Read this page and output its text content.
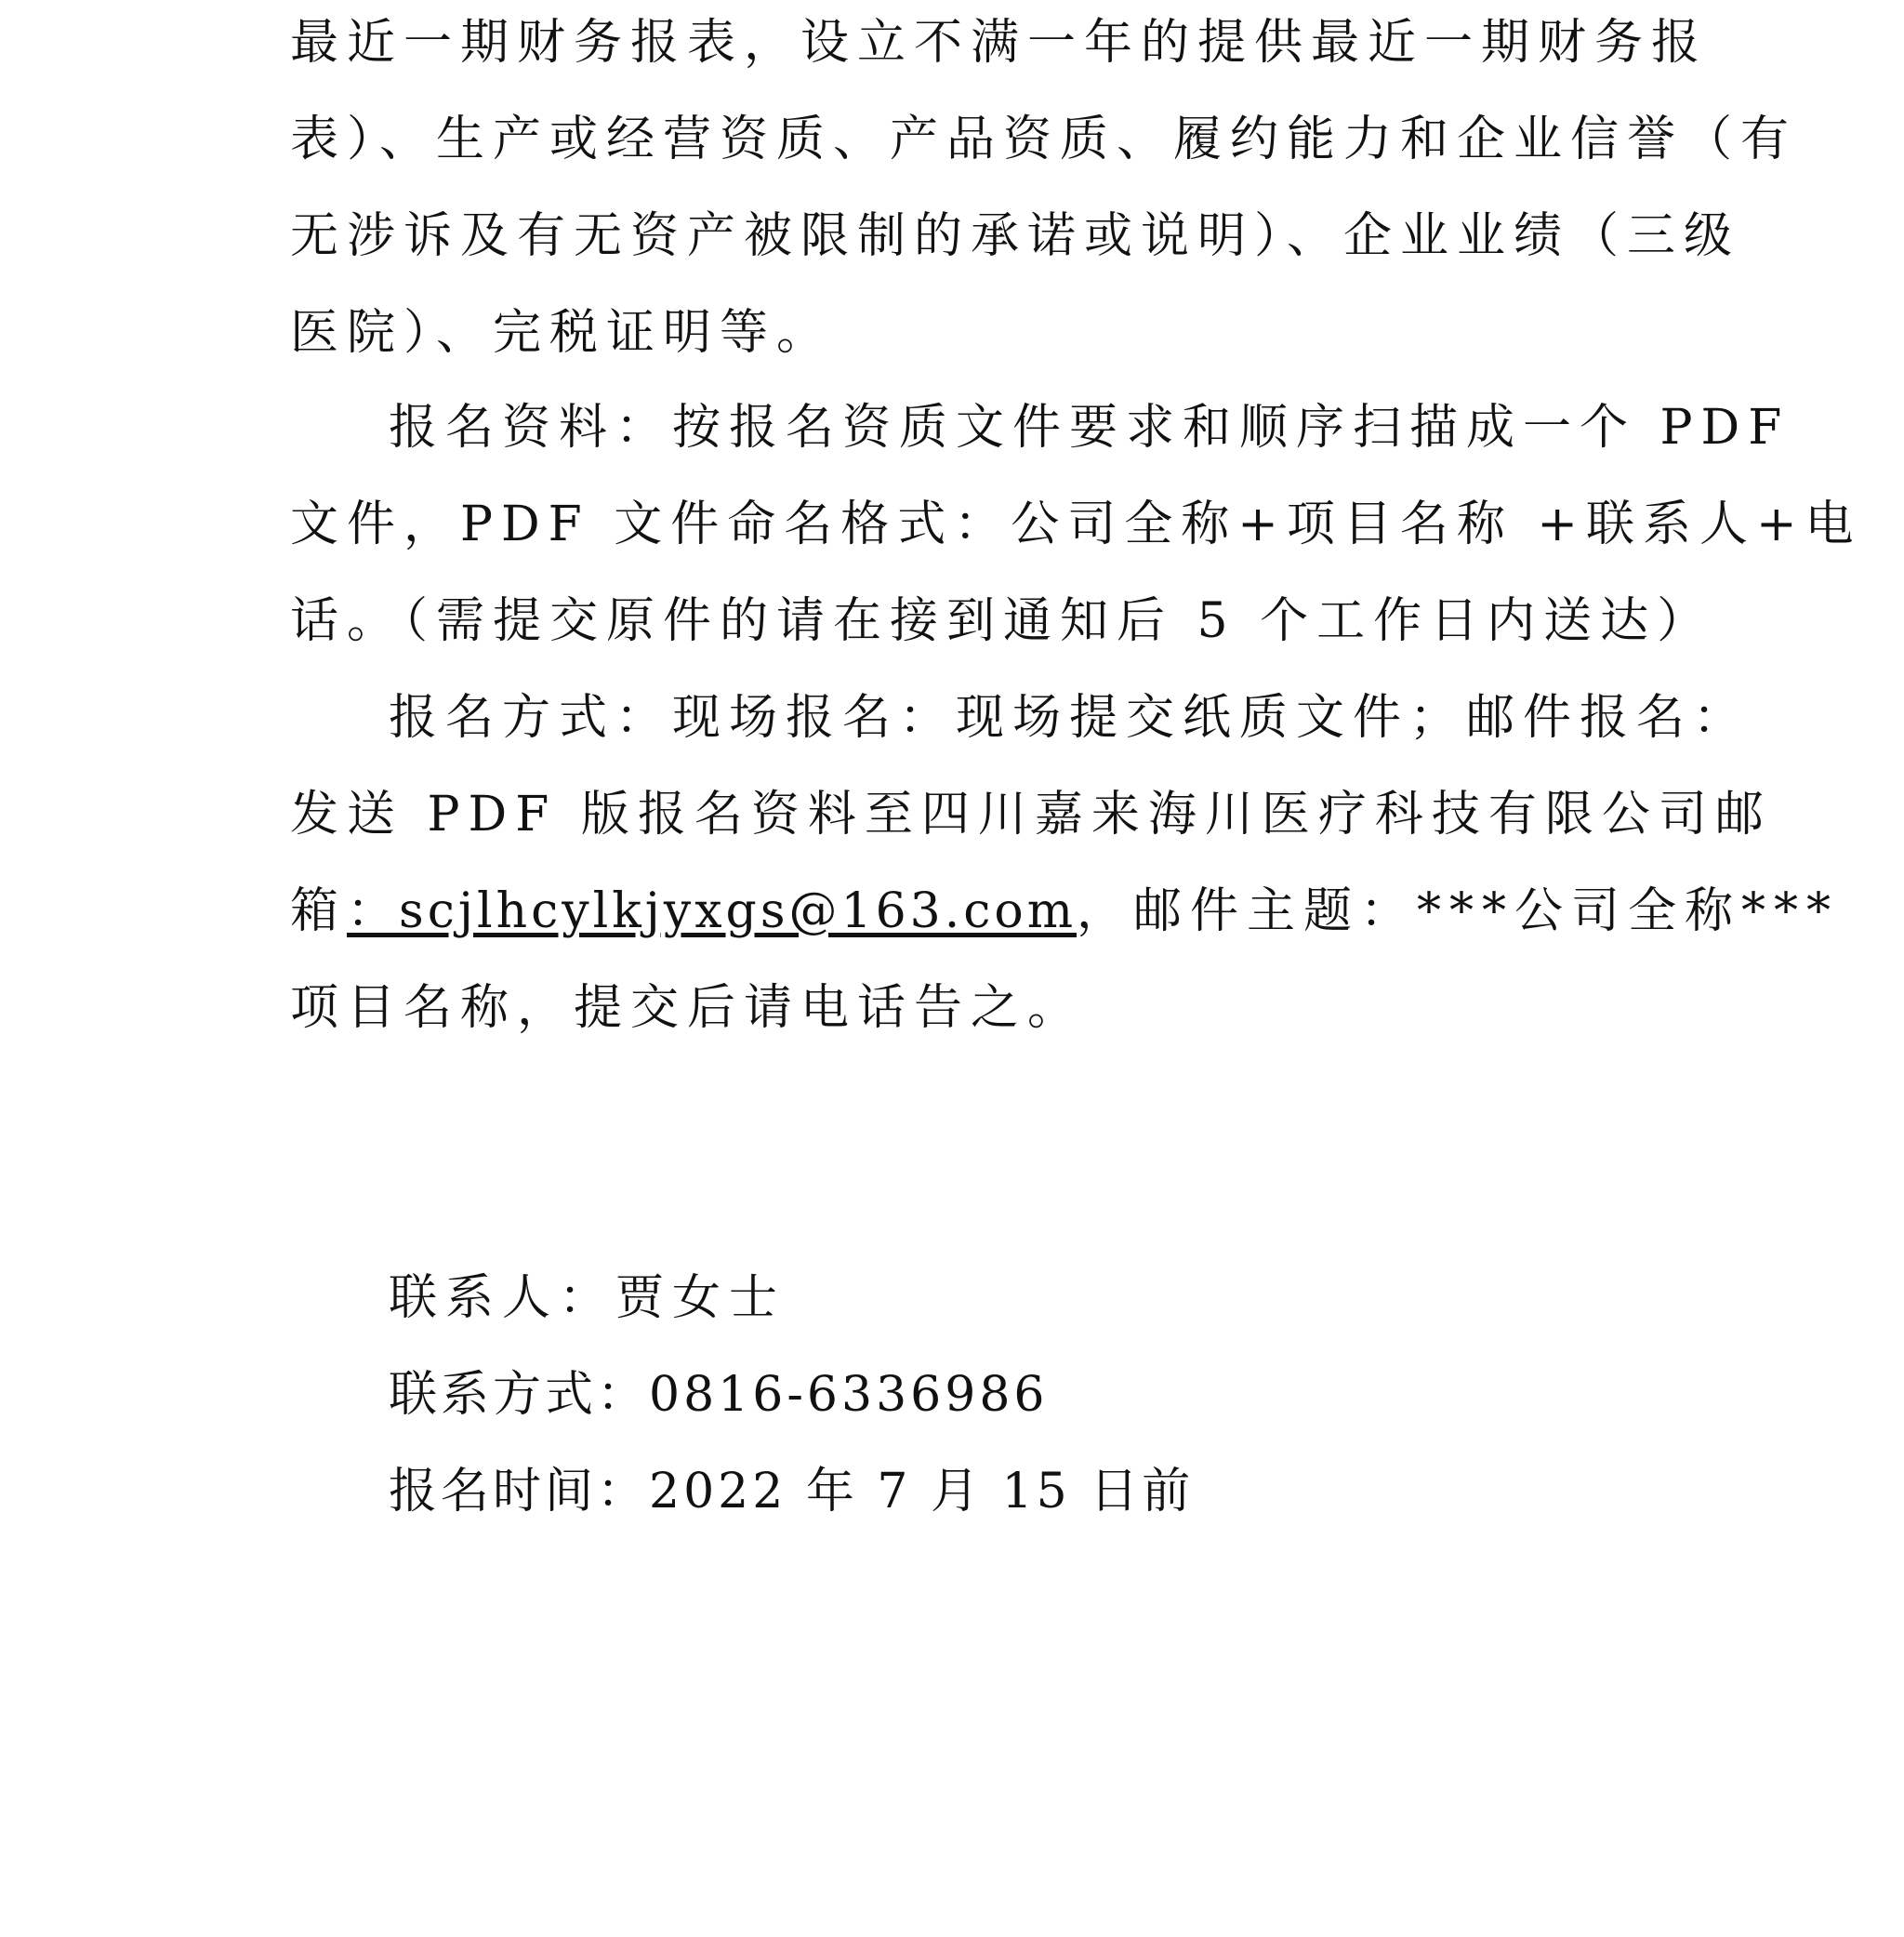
最近一期财务报表，设立不满一年的提供最近一期财务报
表）、生产或经营资质、产品资质、履约能力和企业信誉（有
无涉诉及有无资产被限制的承诺或说明）、企业业绩（三级
医院）、完税证明等。
报名资料：按报名资质文件要求和顺序扫描成一个 PDF
文件，PDF 文件命名格式：公司全称+项目名称 +联系人+电
话。（需提交原件的请在接到通知后 5 个工作日内送达）
报名方式：现场报名：现场提交纸质文件；邮件报名：
发送 PDF 版报名资料至四川嘉来海川医疗科技有限公司邮
箱：scjlhcylkjyxgs@163.com，邮件主题：***公司全称***
项目名称，提交后请电话告之。
联系人：贾女士
联系方式：0816-6336986
报名时间：2022 年 7 月 15 日前
